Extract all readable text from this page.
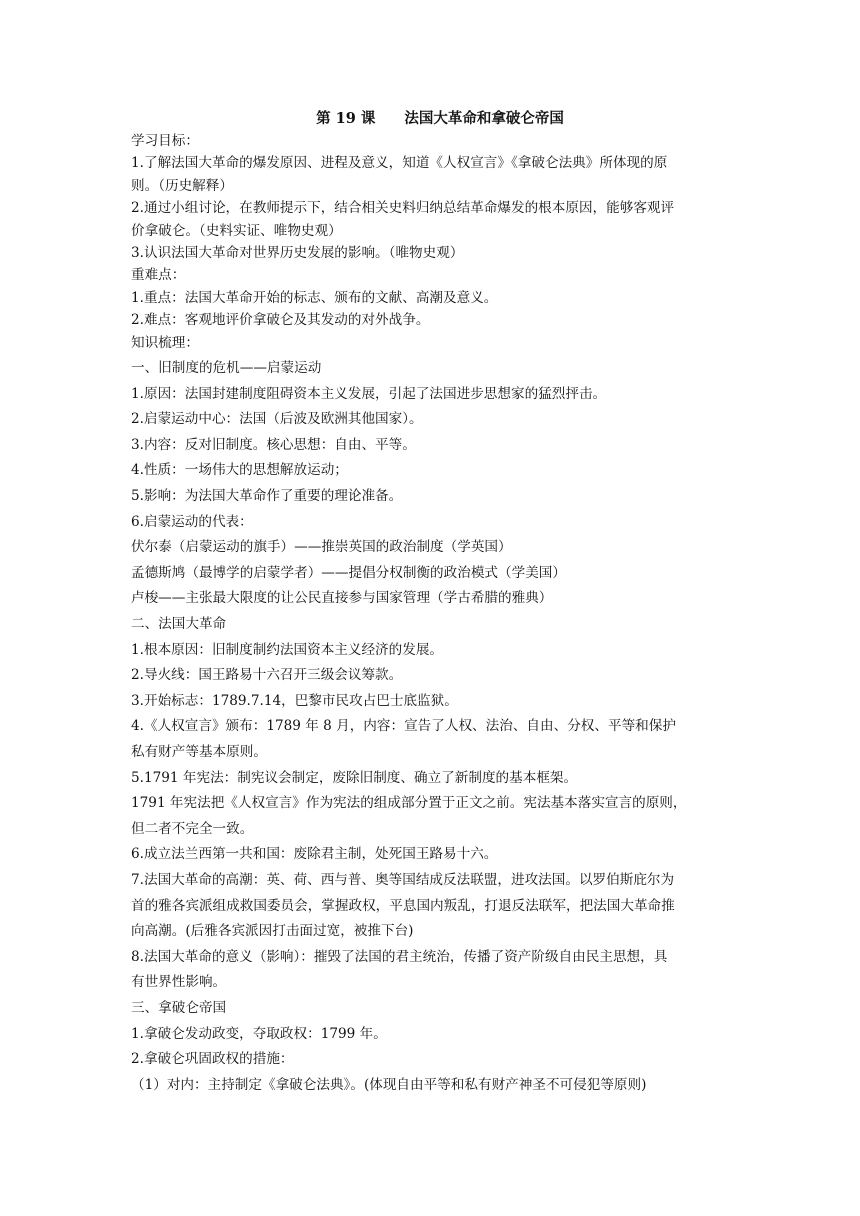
第 19 课　　法国大革命和拿破仑帝国
学习目标：
1.了解法国大革命的爆发原因、进程及意义，知道《人权宣言》《拿破仑法典》所体现的原
则。（历史解释）
2.通过小组讨论，在教师提示下，结合相关史料归纳总结革命爆发的根本原因，能够客观评
价拿破仑。（史料实证、唯物史观）
3.认识法国大革命对世界历史发展的影响。（唯物史观）
重难点：
1.重点：法国大革命开始的标志、颁布的文献、高潮及意义。
2.难点：客观地评价拿破仑及其发动的对外战争。
知识梳理：
一、旧制度的危机——启蒙运动
1.原因：法国封建制度阻碍资本主义发展，引起了法国进步思想家的猛烈抨击。
2.启蒙运动中心：法国（后波及欧洲其他国家）。
3.内容：反对旧制度。核心思想：自由、平等。
4.性质：一场伟大的思想解放运动；
5.影响：为法国大革命作了重要的理论准备。
6.启蒙运动的代表：
伏尔泰（启蒙运动的旗手）——推崇英国的政治制度（学英国）
孟德斯鸠（最博学的启蒙学者）——提倡分权制衡的政治模式（学美国）
卢梭——主张最大限度的让公民直接参与国家管理（学古希腊的雅典）
二、法国大革命
1.根本原因：旧制度制约法国资本主义经济的发展。
2.导火线：国王路易十六召开三级会议筹款。
3.开始标志：1789.7.14，巴黎市民攻占巴士底监狱。
4.《人权宣言》颁布：1789 年 8 月，内容：宣告了人权、法治、自由、分权、平等和保护
私有财产等基本原则。
5.1791 年宪法：制宪议会制定，废除旧制度、确立了新制度的基本框架。
1791 年宪法把《人权宣言》作为宪法的组成部分置于正文之前。宪法基本落实宣言的原则，
但二者不完全一致。
6.成立法兰西第一共和国：废除君主制，处死国王路易十六。
7.法国大革命的高潮：英、荷、西与普、奥等国结成反法联盟，进攻法国。以罗伯斯庇尔为
首的雅各宾派组成救国委员会，掌握政权，平息国内叛乱，打退反法联军，把法国大革命推
向高潮。(后雅各宾派因打击面过宽，被推下台)
8.法国大革命的意义（影响）：摧毁了法国的君主统治，传播了资产阶级自由民主思想，具
有世界性影响。
三、拿破仑帝国
1.拿破仑发动政变，夺取政权：1799 年。
2.拿破仑巩固政权的措施：
（1）对内：主持制定《拿破仑法典》。(体现自由平等和私有财产神圣不可侵犯等原则)
